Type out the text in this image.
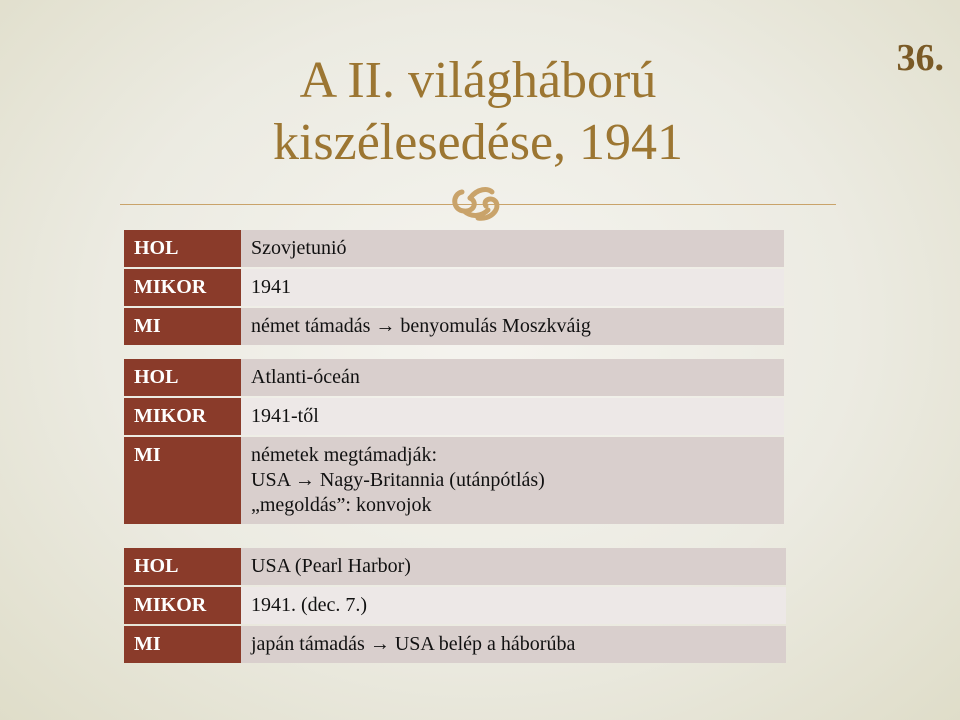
36.
A II. világháború
kiszélesedése, 1941
HOL	Szovjetunió

MIKOR	1941

MI	német támadás → benyomulás Moszkváig
HOL	Atlanti-óceán

MIKOR	1941-től

MI	németek megtámadják:
USA → Nagy-Britannia (utánpótlás)
„megoldás”: konvojok
HOL	USA (Pearl Harbor)

MIKOR	1941. (dec. 7.)

MI	japán támadás → USA belép a háborúba
